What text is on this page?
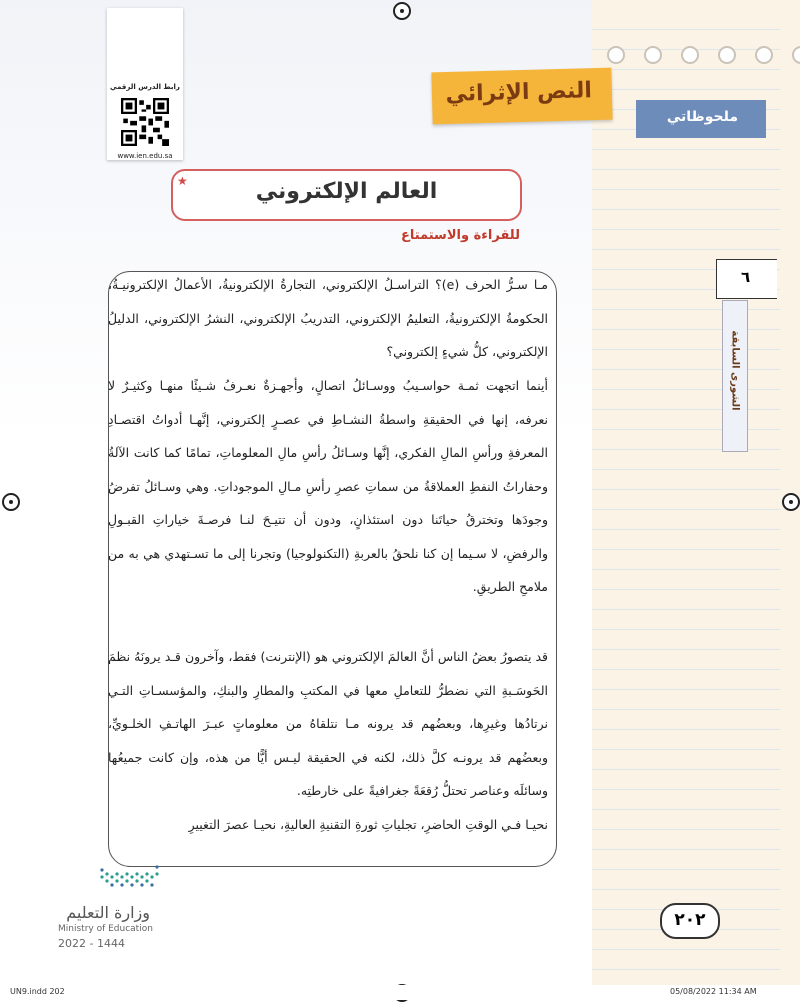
رابط الدرس الرقمي
www.ien.edu.sa
النص الإثرائي
ملحوظاتي
العالم الإلكتروني
★
للقراءة والاستمتاع

مـا سـرُّ الحرف (e)؟ التراسـلُ الإلكتروني، التجارةُ الإلكترونيةُ، الأعمالُ الإلكترونيـةُ، الحكومةُ الإلكترونيةُ، التعليمُ الإلكتروني، التدريبُ الإلكتروني، النشرُ الإلكتروني، الدليلُ الإلكتروني، كلُّ شيءٍ إلكتروني؟

أينما اتجهت ثمـة حواسـيبُ ووسـائلُ اتصالٍ، وأجهـزةٌ نعـرفُ شـيئًا منهـا وكثيـرٌ لا نعرفه، إنها في الحقيقةِ واسطةُ النشـاطِ في عصـرٍ إلكتروني، إنَّهـا أدواتُ اقتصـادِ المعرفةِ ورأسِ المالِ الفكري، إنَّها وسـائلُ رأسِ مالِ المعلوماتِ، تمامًا كما كانت الآلةُ وحفاراتُ النفطِ العملاقةُ من سماتِ عصرِ رأسِ مـالِ الموجوداتِ. وهي وسـائلُ تفرضُ وجودَها وتخترقُ حياتَنا دون استئذانٍ، ودون أن تتيـحَ لنـا فرصـةَ خياراتِ القبـولِ والرفضِ، لا سـيما إن كنا نلحقُ بالعربةِ (التكنولوجيا) وتجرنا إلى ما تسـتهدي هي به من ملامحِ الطريقِ.

قد يتصورُ بعضُ الناس أنَّ العالمَ الإلكتروني هو (الإنترنت) فقط، وآخرون قـد يرونَهُ نظمَ الحَوسَـبةِ التي نضطرُّ للتعاملِ معها في المكتبِ والمطارِ والبنكِ، والمؤسسـاتِ التـي نرتادُها وغيرِها، وبعضُهم قد يرونه مـا نتلقاهُ من معلوماتٍ عبـرَ الهاتـفِ الخلـويِّ، وبعضُهم قد يرونـه كلَّ ذلك، لكنه في الحقيقة ليـس أيًّا من هذه، وإن كانت جميعُها وسائلَه وعناصر تحتلُّ رُقعَةً جغرافيةً على خارطتِه.

نحيـا فـي الوقتِ الحاضرِ، تجلياتِ ثورةِ التقنيةِ العاليةِ، نحيـا عصرَ التغييرِ

٦
الشورى السابقة
٢٠٢
وزارة التعليم
Ministry of Education
2022 - 1444
UN9.indd 202	05/08/2022 11:34 AM
